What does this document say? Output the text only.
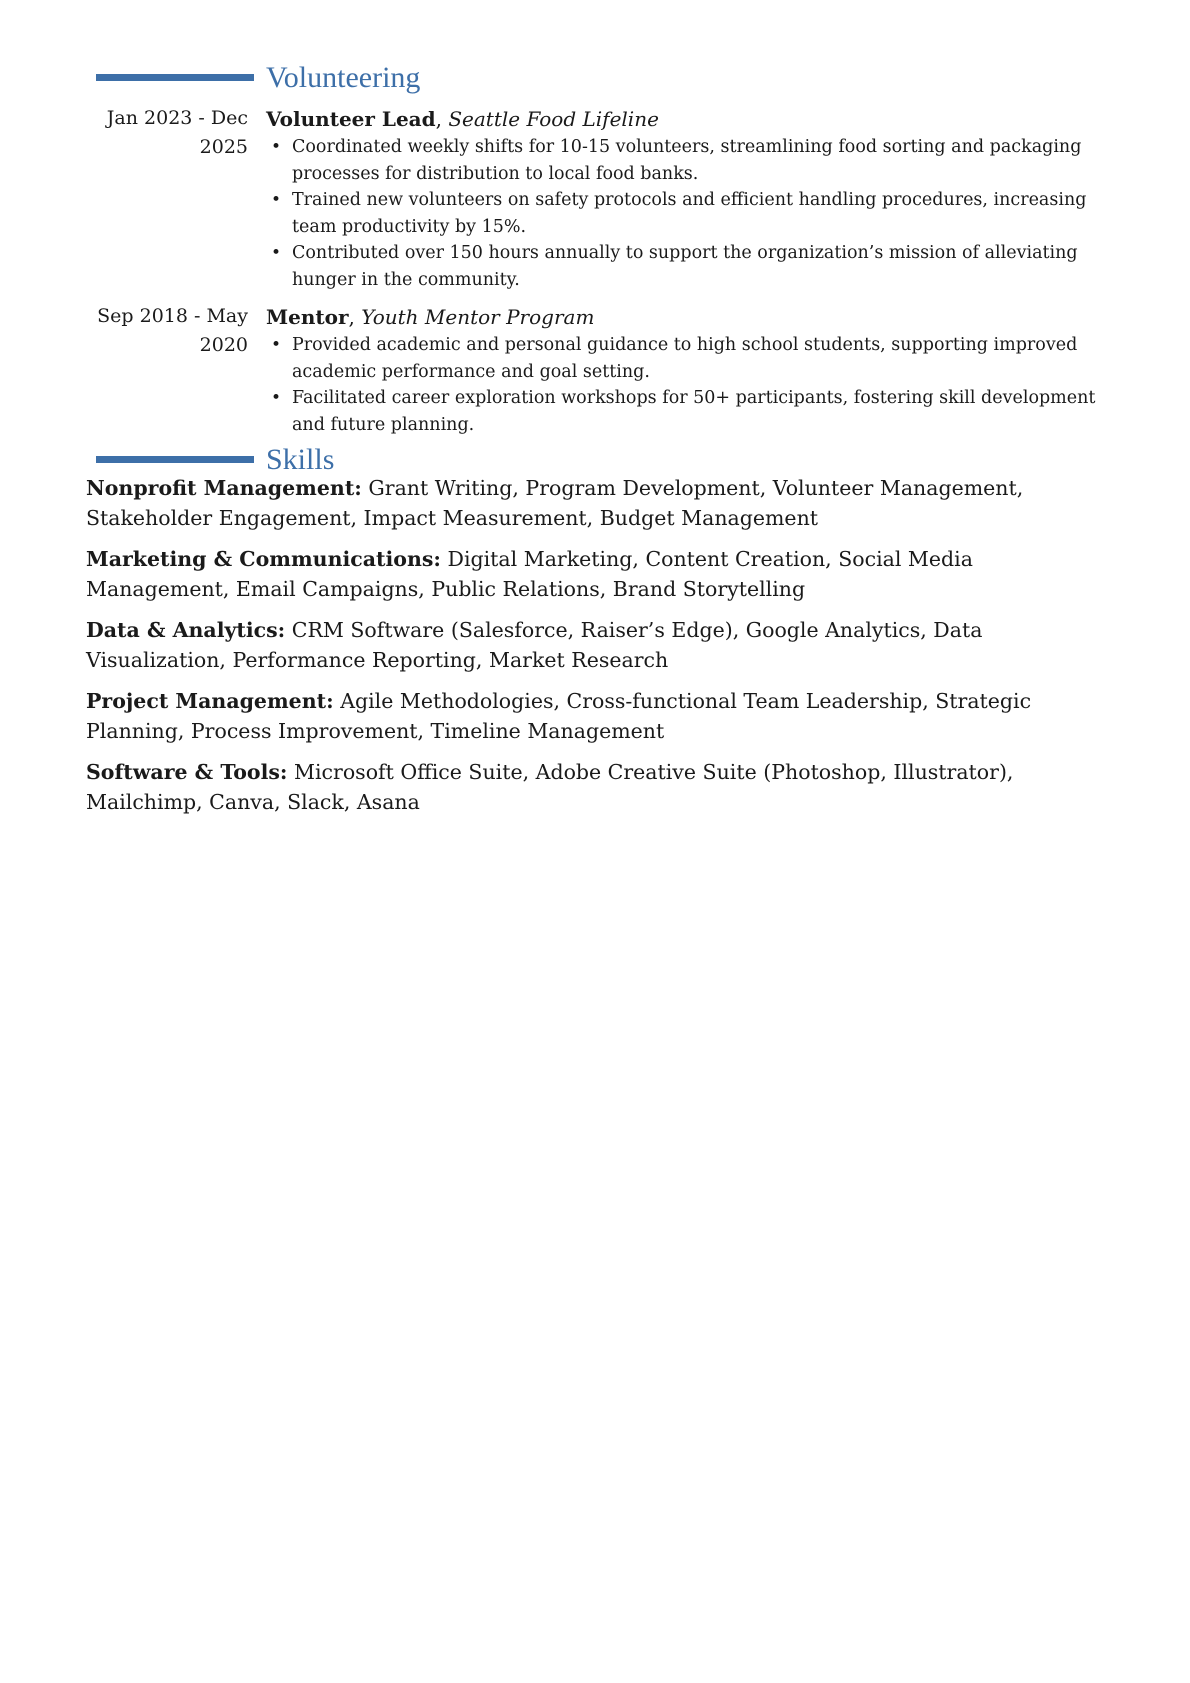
Volunteering
Jan 2023 - Dec 2025
Volunteer Lead, Seattle Food Lifeline
• Coordinated weekly shifts for 10-15 volunteers, streamlining food sorting and packaging processes for distribution to local food banks.
• Trained new volunteers on safety protocols and efficient handling procedures, increasing team productivity by 15%.
• Contributed over 150 hours annually to support the organization’s mission of alleviating hunger in the community.
Sep 2018 - May 2020
Mentor, Youth Mentor Program
• Provided academic and personal guidance to high school students, supporting improved academic performance and goal setting.
• Facilitated career exploration workshops for 50+ participants, fostering skill development and future planning.
Skills
Nonprofit Management: Grant Writing, Program Development, Volunteer Management, Stakeholder Engagement, Impact Measurement, Budget Management
Marketing & Communications: Digital Marketing, Content Creation, Social Media Management, Email Campaigns, Public Relations, Brand Storytelling
Data & Analytics: CRM Software (Salesforce, Raiser’s Edge), Google Analytics, Data Visualization, Performance Reporting, Market Research
Project Management: Agile Methodologies, Cross-functional Team Leadership, Strategic Planning, Process Improvement, Timeline Management
Software & Tools: Microsoft Office Suite, Adobe Creative Suite (Photoshop, Illustrator), Mailchimp, Canva, Slack, Asana
